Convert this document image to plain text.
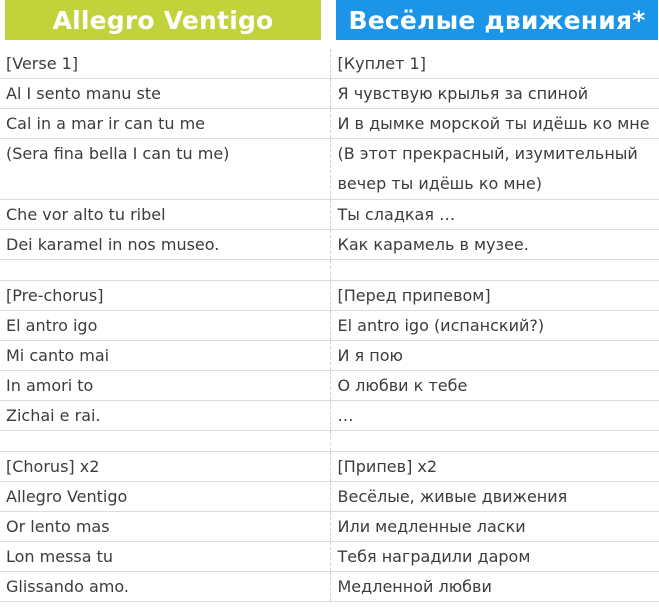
Allegro Ventigo	Весёлые движения*
[Verse 1]	[Куплет 1]
Al I sento manu ste	Я чувствую крылья за спиной
Cal in a mar ir can tu me	И в дымке морской ты идёшь ко мне
(Sera fina bella I can tu me)	(В этот прекрасный, изумительный вечер ты идёшь ко мне)
Che vor alto tu ribel	Ты сладкая …
Dei karamel in nos museo.	Как карамель в музее.

[Pre-chorus]	[Перед припевом]
El antro igo	El antro igo (испанский?)
Mi canto mai	И я пою
In amori to	О любви к тебе
Zichai e rai.	…

[Chorus] x2	[Припев] x2
Allegro Ventigo	Весёлые, живые движения
Or lento mas	Или медленные ласки
Lon messa tu	Тебя наградили даром
Glissando amo.	Медленной любви
